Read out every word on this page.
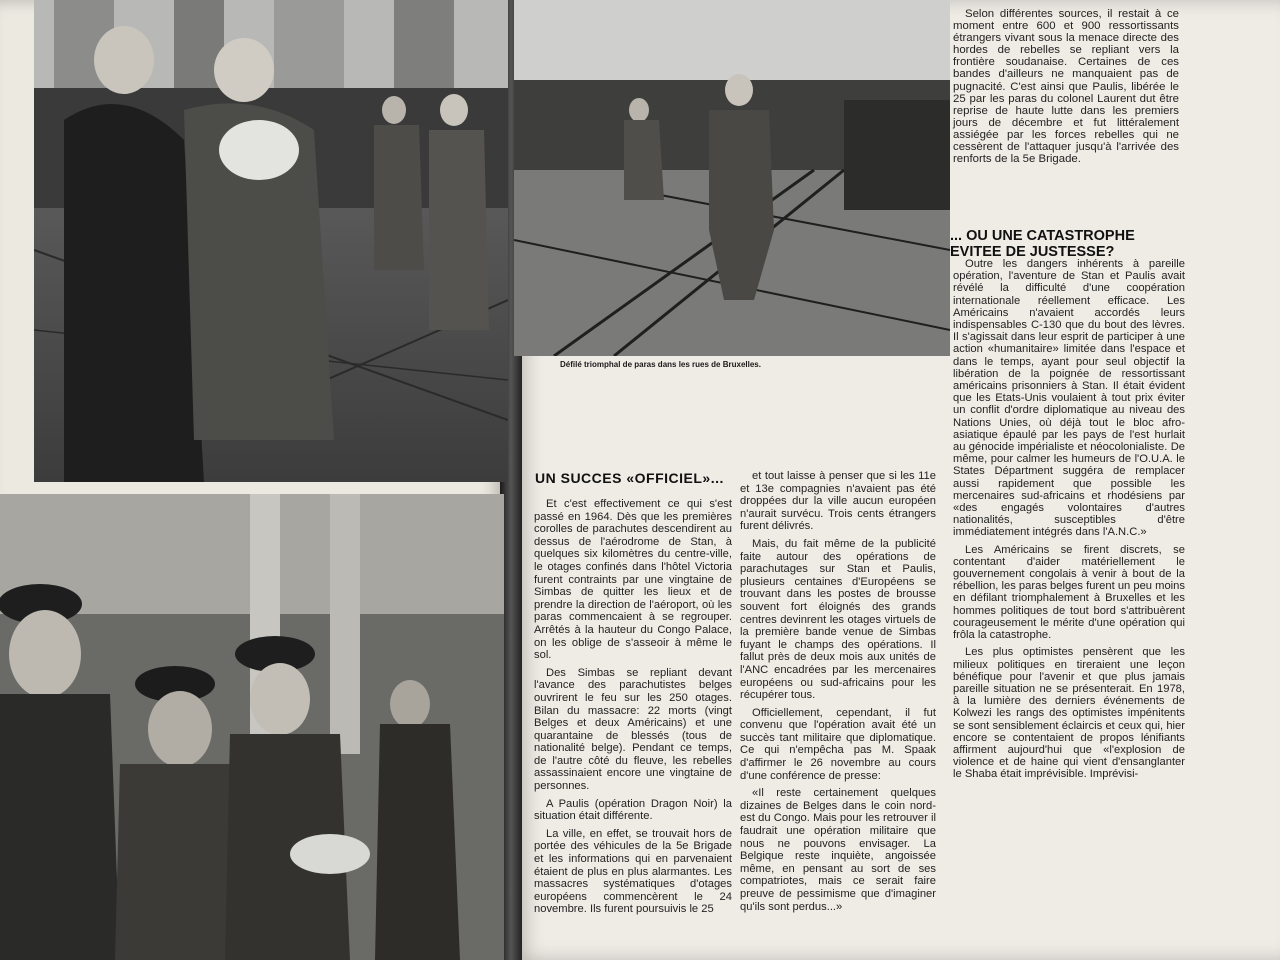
Défilé triomphal de paras dans les rues de Bruxelles.
UN SUCCES «OFFICIEL»...

Et c'est effectivement ce qui s'est passé en 1964. Dès que les premières corolles de parachutes descendirent au dessus de l'aérodrome de Stan, à quelques six kilomètres du centre-ville, le otages confinés dans l'hôtel Victoria furent contraints par une vingtaine de Simbas de quitter les lieux et de prendre la direction de l'aéroport, où les paras commencaient à se regrouper. Arrêtés à la hauteur du Congo Palace, on les oblige de s'asseoir à même le sol.

Des Simbas se repliant devant l'avance des parachutistes belges ouvrirent le feu sur les 250 otages. Bilan du massacre: 22 morts (vingt Belges et deux Américains) et une quarantaine de blessés (tous de nationalité belge). Pendant ce temps, de l'autre côté du fleuve, les rebelles assassinaient encore une vingtaine de personnes.

A Paulis (opération Dragon Noir) la situation était différente.

La ville, en effet, se trouvait hors de portée des véhicules de la 5e Brigade et les informations qui en parvenaient étaient de plus en plus alarmantes. Les massacres systématiques d'otages européens commencèrent le 24 novembre. Ils furent poursuivis le 25

et tout laisse à penser que si les 11e et 13e compagnies n'avaient pas été droppées dur la ville aucun européen n'aurait survécu. Trois cents étrangers furent délivrés.

Mais, du fait même de la publicité faite autour des opérations de parachutages sur Stan et Paulis, plusieurs centaines d'Européens se trouvant dans les postes de brousse souvent fort éloignés des grands centres devinrent les otages virtuels de la première bande venue de Simbas fuyant le champs des opérations. Il fallut près de deux mois aux unités de l'ANC encadrées par les mercenaires européens ou sud-africains pour les récupérer tous.

Officiellement, cependant, il fut convenu que l'opération avait été un succès tant militaire que diplomatique. Ce qui n'empêcha pas M. Spaak d'affirmer le 26 novembre au cours d'une conférence de presse:

«Il reste certainement quelques dizaines de Belges dans le coin nord-est du Congo. Mais pour les retrouver il faudrait une opération militaire que nous ne pouvons envisager. La Belgique reste inquiète, angoissée même, en pensant au sort de ses compatriotes, mais ce serait faire preuve de pessimisme que d'imaginer qu'ils sont perdus...»

Selon différentes sources, il restait à ce moment entre 600 et 900 ressortissants étrangers vivant sous la menace directe des hordes de rebelles se repliant vers la frontière soudanaise. Certaines de ces bandes d'ailleurs ne manquaient pas de pugnacité. C'est ainsi que Paulis, libérée le 25 par les paras du colonel Laurent dut être reprise de haute lutte dans les premiers jours de décembre et fut littéralement assiégée par les forces rebelles qui ne cessèrent de l'attaquer jusqu'à l'arrivée des renforts de la 5e Brigade.

... OU UNE CATASTROPHE EVITEE DE JUSTESSE?

Outre les dangers inhérents à pareille opération, l'aventure de Stan et Paulis avait révélé la difficulté d'une coopération internationale réellement efficace. Les Américains n'avaient accordés leurs indispensables C-130 que du bout des lèvres. Il s'agissait dans leur esprit de participer à une action «humanitaire» limitée dans l'espace et dans le temps, ayant pour seul objectif la libération de la poignée de ressortissant américains prisonniers à Stan. Il était évident que les Etats-Unis voulaient à tout prix éviter un conflit d'ordre diplomatique au niveau des Nations Unies, où déjà tout le bloc afro-asiatique épaulé par les pays de l'est hurlait au génocide impérialiste et néocolonialiste. De même, pour calmer les humeurs de l'O.U.A. le States Départment suggéra de remplacer aussi rapidement que possible les mercenaires sud-africains et rhodésiens par «des engagés volontaires d'autres nationalités, susceptibles d'être immédiatement intégrés dans l'A.N.C.»

Les Américains se firent discrets, se contentant d'aider matériellement le gouvernement congolais à venir à bout de la rébellion, les paras belges furent un peu moins en défilant triomphalement à Bruxelles et les hommes politiques de tout bord s'attribuèrent courageusement le mérite d'une opération qui frôla la catastrophe.

Les plus optimistes pensèrent que les milieux politiques en tireraient une leçon bénéfique pour l'avenir et que plus jamais pareille situation ne se présenterait. En 1978, à la lumière des derniers événements de Kolwezi les rangs des optimistes impénitents se sont sensiblement éclaircis et ceux qui, hier encore se contentaient de propos lénifiants affirment aujourd'hui que «l'explosion de violence et de haine qui vient d'ensanglanter le Shaba était imprévisible. Imprévisi-
